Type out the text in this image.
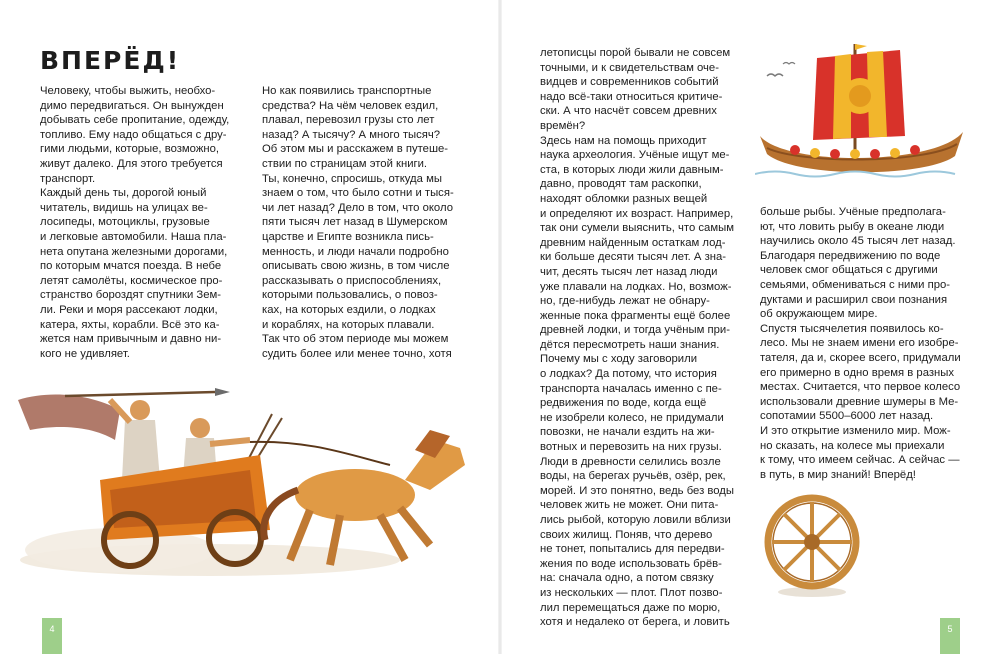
ВПЕРЁД!

Человеку, чтобы выжить, необхо-
димо передвигаться. Он вынужден
добывать себе пропитание, одежду,
топливо. Ему надо общаться с дру-
гими людьми, которые, возможно,
живут далеко. Для этого требуется
транспорт.
Каждый день ты, дорогой юный
читатель, видишь на улицах ве-
лосипеды, мотоциклы, грузовые
и легковые автомобили. Наша пла-
нета опутана железными дорогами,
по которым мчатся поезда. В небе
летят самолёты, космическое про-
странство бороздят спутники Зем-
ли. Реки и моря рассекают лодки,
катера, яхты, корабли. Всё это ка-
жется нам привычным и давно ни-
кого не удивляет.

Но как появились транспортные
средства? На чём человек ездил,
плавал, перевозил грузы сто лет
назад? А тысячу? А много тысяч?
Об этом мы и расскажем в путеше-
ствии по страницам этой книги.
Ты, конечно, спросишь, откуда мы
знаем о том, что было сотни и тыся-
чи лет назад? Дело в том, что около
пяти тысяч лет назад в Шумерском
царстве и Египте возникла пись-
менность, и люди начали подробно
описывать свою жизнь, в том числе
рассказывать о приспособлениях,
которыми пользовались, о повоз-
ках, на которых ездили, о лодках
и кораблях, на которых плавали.
Так что об этом периоде мы можем
судить более или менее точно, хотя

4

летописцы порой бывали не совсем
точными, и к свидетельствам оче-
видцев и современников событий
надо всё-таки относиться критиче-
ски. А что насчёт совсем древних
времён?
Здесь нам на помощь приходит
наука археология. Учёные ищут ме-
ста, в которых люди жили давным-
давно, проводят там раскопки,
находят обломки разных вещей
и определяют их возраст. Например,
так они сумели выяснить, что самым
древним найденным остаткам лод-
ки больше десяти тысяч лет. А зна-
чит, десять тысяч лет назад люди
уже плавали на лодках. Но, возмож-
но, где-нибудь лежат не обнару-
женные пока фрагменты ещё более
древней лодки, и тогда учёным при-
дётся пересмотреть наши знания.
Почему мы с ходу заговорили
о лодках? Да потому, что история
транспорта началась именно с пе-
редвижения по воде, когда ещё
не изобрели колесо, не придумали
повозки, не начали ездить на жи-
вотных и перевозить на них грузы.
Люди в древности селились возле
воды, на берегах ручьёв, озёр, рек,
морей. И это понятно, ведь без воды
человек жить не может. Они пита-
лись рыбой, которую ловили вблизи
своих жилищ. Поняв, что дерево
не тонет, попытались для передви-
жения по воде использовать брёв-
на: сначала одно, а потом связку
из нескольких — плот. Плот позво-
лил перемещаться даже по морю,
хотя и недалеко от берега, и ловить

больше рыбы. Учёные предполага-
ют, что ловить рыбу в океане люди
научились около 45 тысяч лет назад.
Благодаря передвижению по воде
человек смог общаться с другими
семьями, обмениваться с ними про-
дуктами и расширил свои познания
об окружающем мире.
Спустя тысячелетия появилось ко-
лесо. Мы не знаем имени его изобре-
тателя, да и, скорее всего, придумали
его примерно в одно время в разных
местах. Считается, что первое колесо
использовали древние шумеры в Ме-
сопотамии 5500–6000 лет назад.
И это открытие изменило мир. Мож-
но сказать, на колесе мы приехали
к тому, что имеем сейчас. А сейчас —
в путь, в мир знаний! Вперёд!

5
